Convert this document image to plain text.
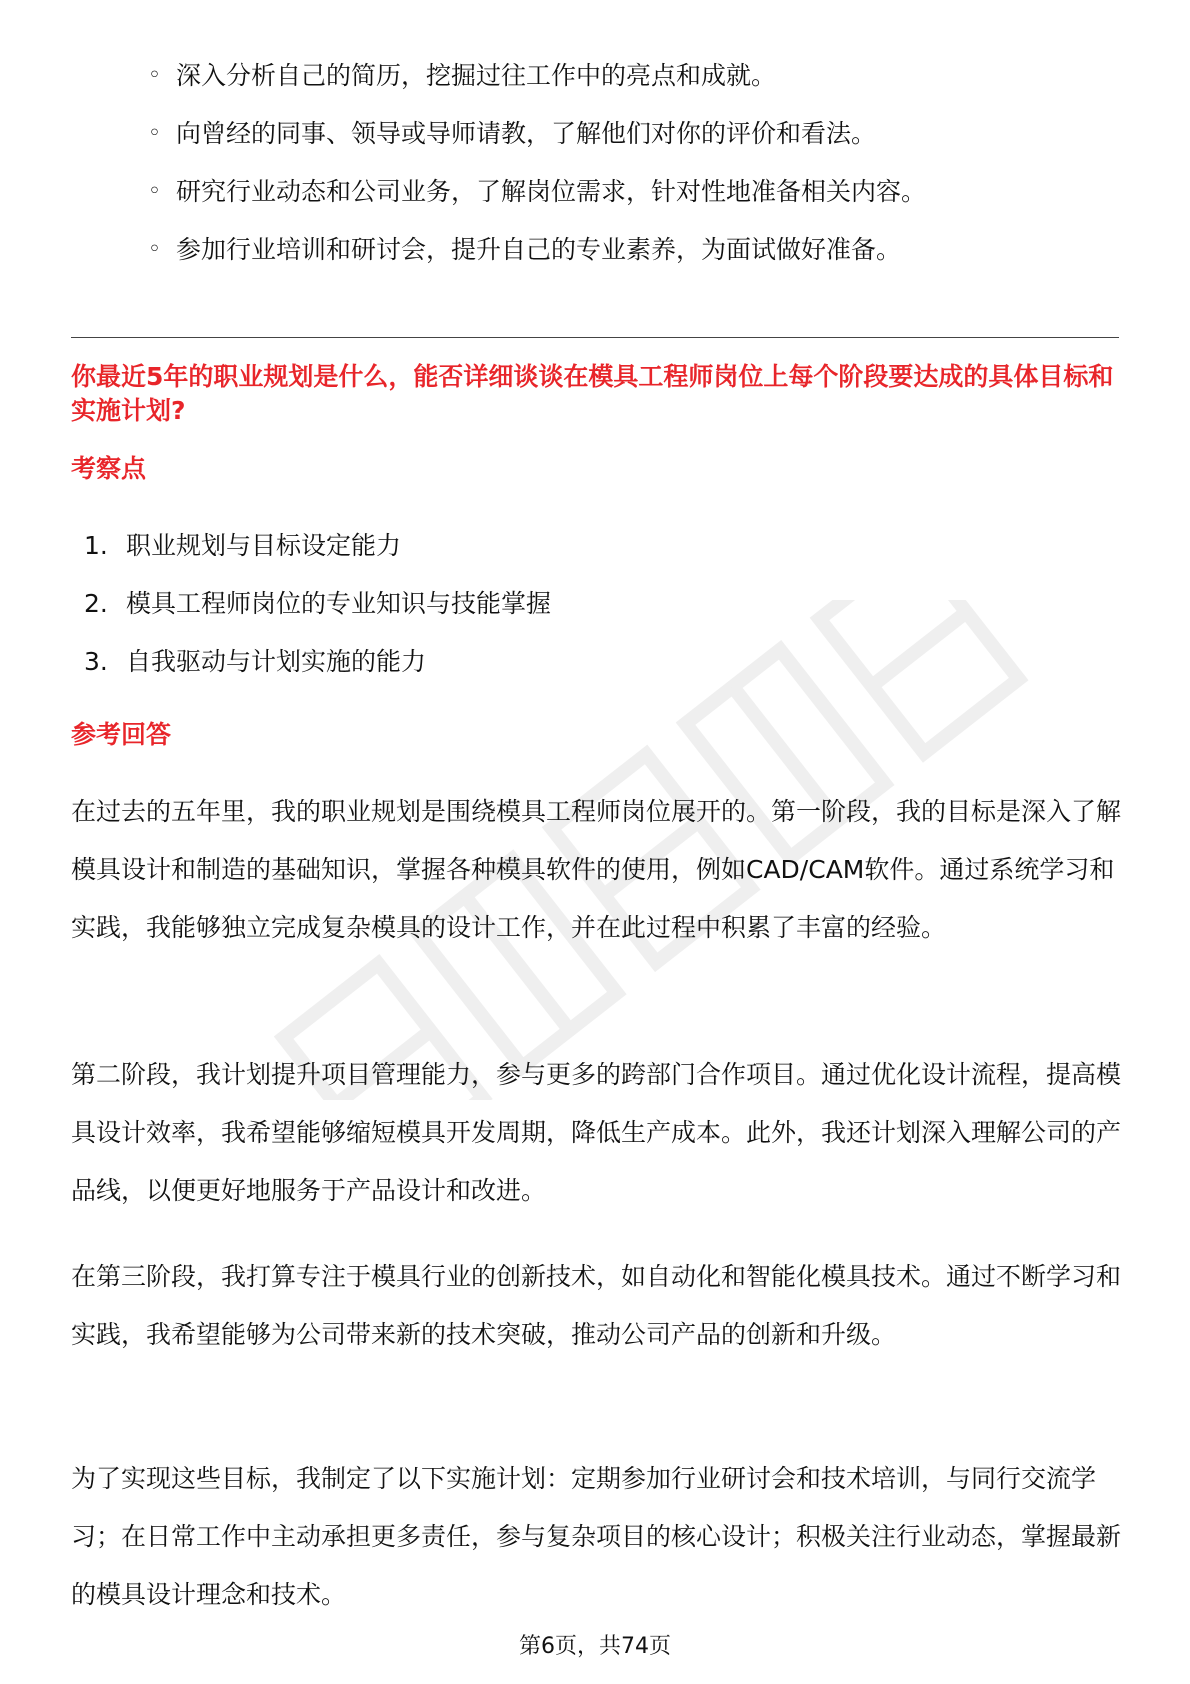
◦ 深入分析自己的简历，挖掘过往工作中的亮点和成就。
◦ 向曾经的同事、领导或导师请教，了解他们对你的评价和看法。
◦ 研究行业动态和公司业务，了解岗位需求，针对性地准备相关内容。
◦ 参加行业培训和研讨会，提升自己的专业素养，为面试做好准备。
你最近5年的职业规划是什么，能否详细谈谈在模具工程师岗位上每个阶段要达成的具体目标和实施计划?
考察点
1. 职业规划与目标设定能力
2. 模具工程师岗位的专业知识与技能掌握
3. 自我驱动与计划实施的能力
参考回答

在过去的五年里，我的职业规划是围绕模具工程师岗位展开的。第一阶段，我的目标是深入了解模具设计和制造的基础知识，掌握各种模具软件的使用，例如CAD/CAM软件。通过系统学习和实践，我能够独立完成复杂模具的设计工作，并在此过程中积累了丰富的经验。

第二阶段，我计划提升项目管理能力，参与更多的跨部门合作项目。通过优化设计流程，提高模具设计效率，我希望能够缩短模具开发周期，降低生产成本。此外，我还计划深入理解公司的产品线，以便更好地服务于产品设计和改进。

在第三阶段，我打算专注于模具行业的创新技术，如自动化和智能化模具技术。通过不断学习和实践，我希望能够为公司带来新的技术突破，推动公司产品的创新和升级。

为了实现这些目标，我制定了以下实施计划：定期参加行业研讨会和技术培训，与同行交流学习；在日常工作中主动承担更多责任，参与复杂项目的核心设计；积极关注行业动态，掌握最新的模具设计理念和技术。

第6页，共74页
